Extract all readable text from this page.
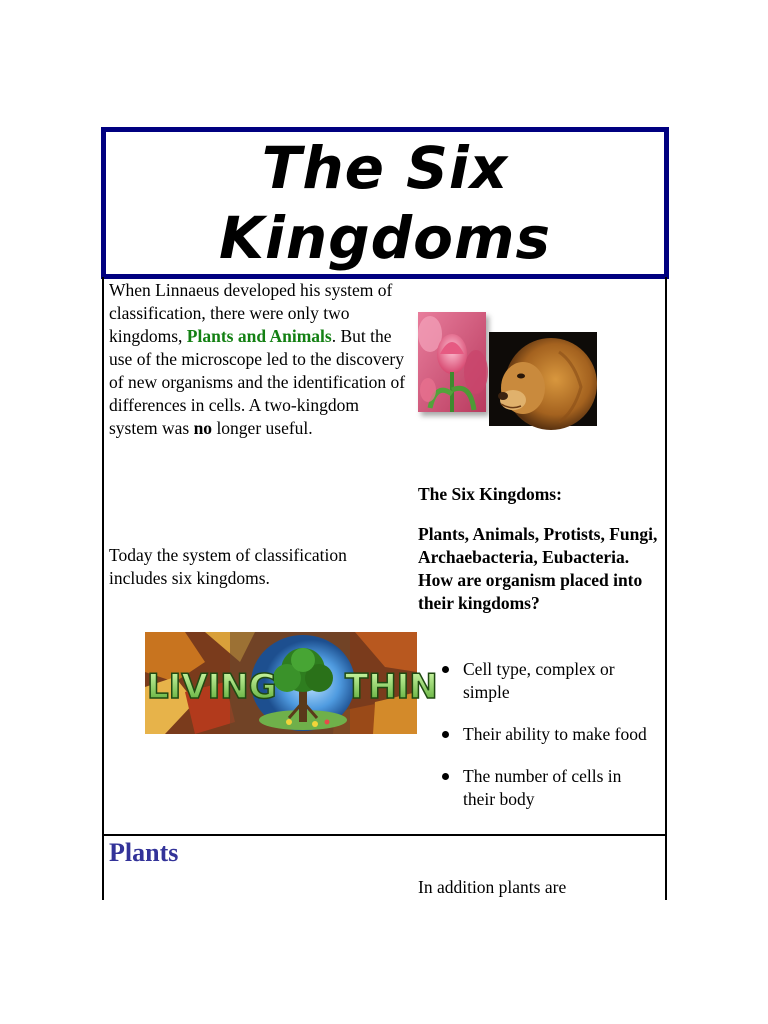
The Six
Kingdoms
When Linnaeus developed his system of classification, there were only two kingdoms, Plants and Animals. But the use of the microscope led to the discovery of new organisms and the identification of differences in cells. A two-kingdom system was no longer useful.
Today the system of classification includes six kingdoms.

The Six Kingdoms:

Plants, Animals, Protists, Fungi, Archaebacteria, Eubacteria.

How are organism placed into their kingdoms?

LIVING THIN	Cell type, complex or simple
Their ability to make food
The number of cells in their body
Plants
In addition plants are
